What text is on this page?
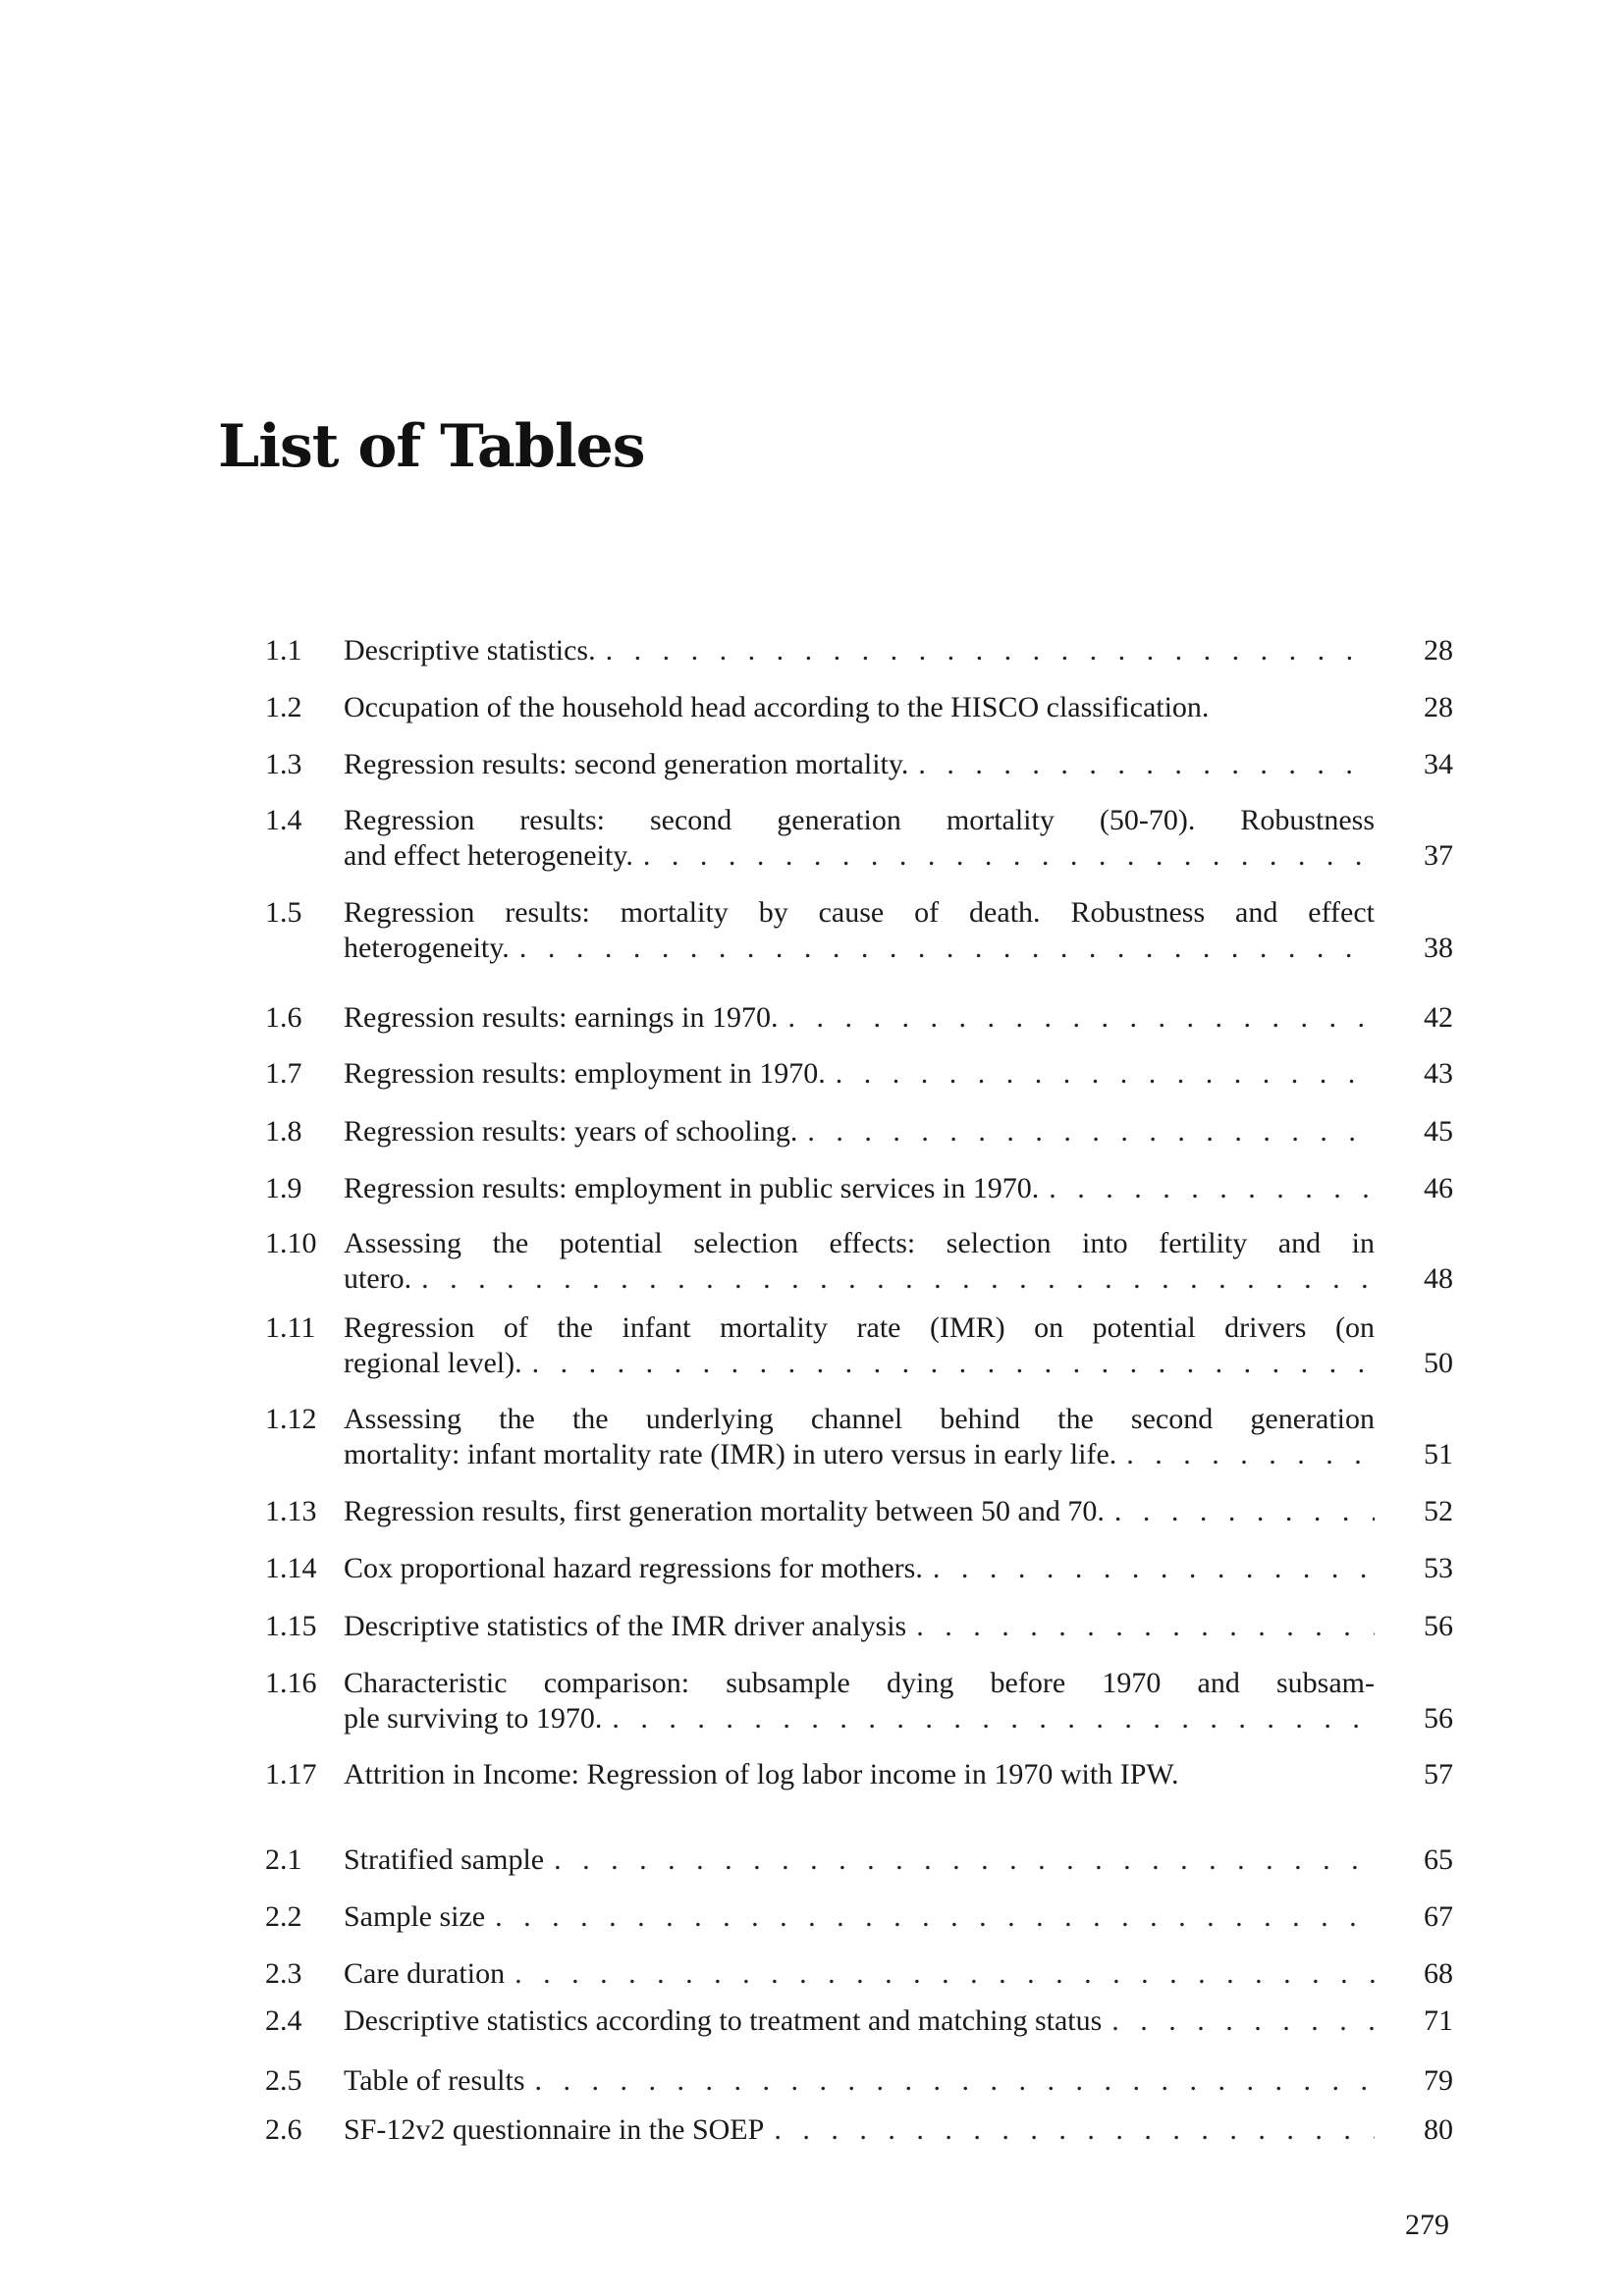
List of Tables
1.1 Descriptive statistics. . . .	28
1.2 Occupation of the household head according to the HISCO classification.	28
1.3 Regression results: second generation mortality. . . .	34
1.4 Regression results: second generation mortality (50-70). Robustness
and effect heterogeneity. . . .	37
1.5 Regression results: mortality by cause of death. Robustness and effect
heterogeneity. . . .	38
1.6 Regression results: earnings in 1970. . . .	42
1.7 Regression results: employment in 1970. . . .	43
1.8 Regression results: years of schooling. . . .	45
1.9 Regression results: employment in public services in 1970. . . .	46
1.10 Assessing the potential selection effects: selection into fertility and in
utero. . . .	48
1.11 Regression of the infant mortality rate (IMR) on potential drivers (on
regional level). . . .	50
1.12 Assessing the the underlying channel behind the second generation
mortality: infant mortality rate (IMR) in utero versus in early life. . . .	51
1.13 Regression results, first generation mortality between 50 and 70. . . .	52
1.14 Cox proportional hazard regressions for mothers. . . .	53
1.15 Descriptive statistics of the IMR driver analysis . . .	56
1.16 Characteristic comparison: subsample dying before 1970 and subsam-
ple surviving to 1970. . . .	56
1.17 Attrition in Income: Regression of log labor income in 1970 with IPW.	57
2.1 Stratified sample . . .	65
2.2 Sample size . . .	67
2.3 Care duration . . .	68
2.4 Descriptive statistics according to treatment and matching status . . .	71
2.5 Table of results . . .	79
2.6 SF-12v2 questionnaire in the SOEP . . .	80
279
